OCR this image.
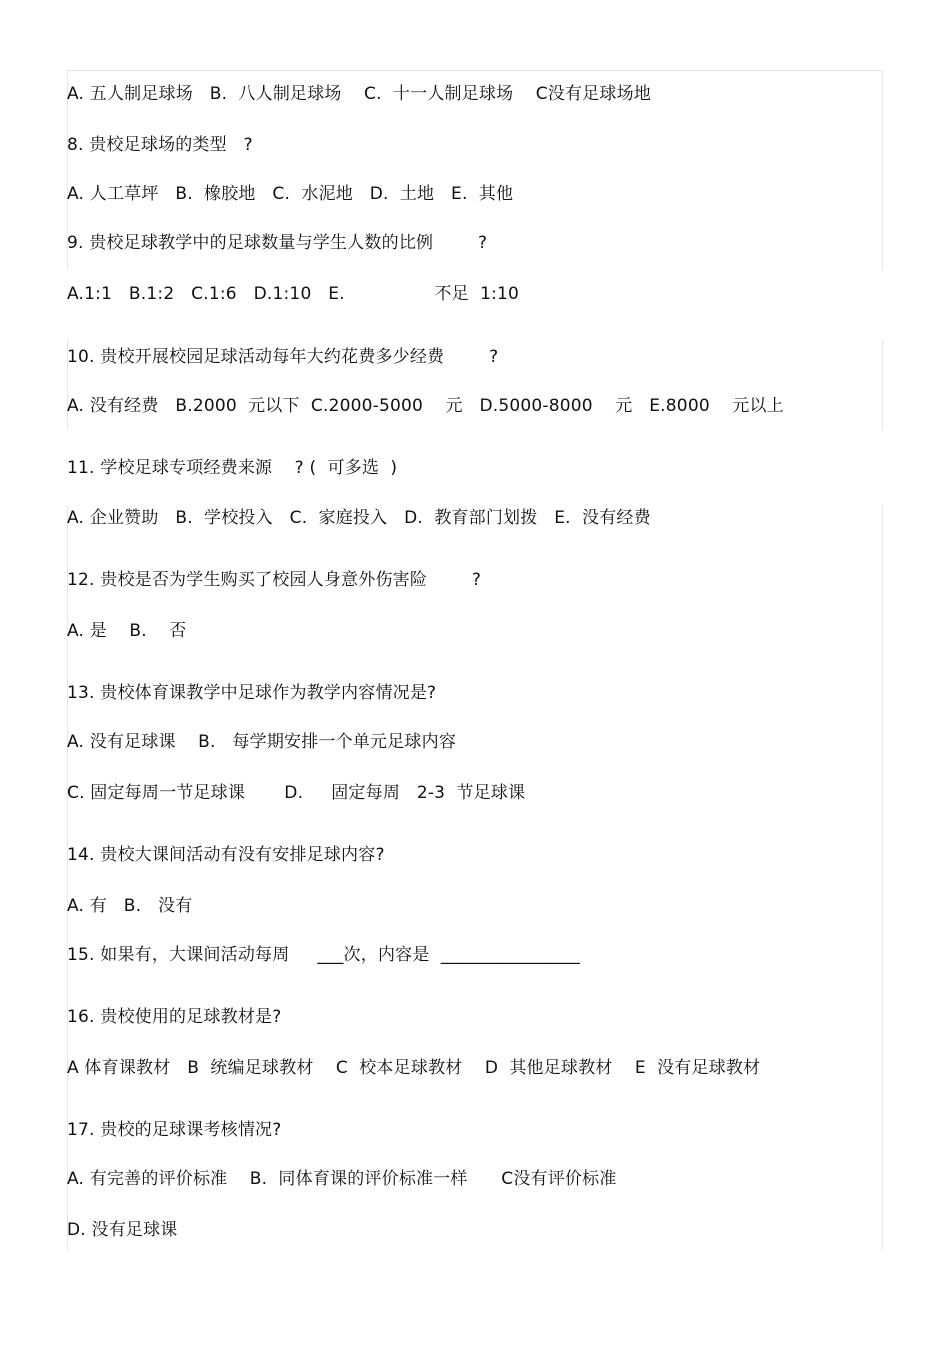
A. 五人制足球场   B.  八人制足球场    C.  十一人制足球场    C没有足球场地
8. 贵校足球场的类型   ?
A. 人工草坪   B.  橡胶地   C.  水泥地   D.  土地   E.  其他
9. 贵校足球教学中的足球数量与学生人数的比例        ?
A.1:1   B.1:2   C.1:6   D.1:10   E.                不足  1:10
10. 贵校开展校园足球活动每年大约花费多少经费        ?
A. 没有经费   B.2000  元以下  C.2000-5000    元   D.5000-8000    元   E.8000    元以上
11. 学校足球专项经费来源    ? (  可多选  )
A. 企业赞助   B.  学校投入   C.  家庭投入   D.  教育部门划拨   E.  没有经费
12. 贵校是否为学生购买了校园人身意外伤害险        ?
A. 是    B.    否
13. 贵校体育课教学中足球作为教学内容情况是?
A. 没有足球课    B.   每学期安排一个单元足球内容
C. 固定每周一节足球课       D.     固定每周   2-3  节足球课
14. 贵校大课间活动有没有安排足球内容?
A. 有   B.   没有
15. 如果有，大课间活动每周     ___次，内容是  ________________
16. 贵校使用的足球教材是?
A 体育课教材   B  统编足球教材    C  校本足球教材    D  其他足球教材    E  没有足球教材
17. 贵校的足球课考核情况?
A. 有完善的评价标准    B.  同体育课的评价标准一样      C没有评价标准
D. 没有足球课
